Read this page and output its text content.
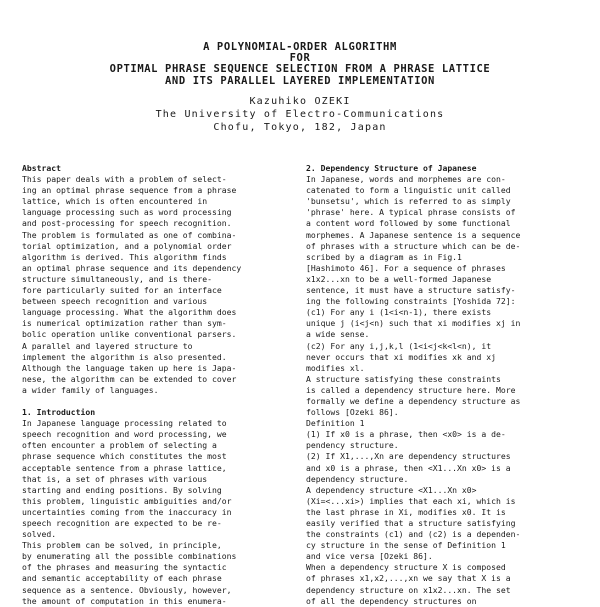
A POLYNOMIAL-ORDER ALGORITHM
FOR
OPTIMAL PHRASE SEQUENCE SELECTION FROM A PHRASE LATTICE
AND ITS PARALLEL LAYERED IMPLEMENTATION
Kazuhiko OZEKI
The University of Electro-Communications
Chofu, Tokyo, 182, Japan
Abstract
This paper deals with a problem of select-
ing an optimal phrase sequence from a phrase
lattice, which is often encountered in
language processing such as word processing
and post-processing for speech recognition.
The problem is formulated as one of combina-
torial optimization, and a polynomial order
algorithm is derived. This algorithm finds
an optimal phrase sequence and its dependency
structure simultaneously, and is there-
fore particularly suited for an interface
between speech recognition and various
language processing. What the algorithm does
is numerical optimization rather than sym-
bolic operation unlike conventional parsers.
A parallel and layered structure to
implement the algorithm is also presented.
Although the language taken up here is Japa-
nese, the algorithm can be extended to cover
a wider family of languages.
1. Introduction
In Japanese language processing related to
speech recognition and word processing, we
often encounter a problem of selecting a
phrase sequence which constitutes the most
acceptable sentence from a phrase lattice,
that is, a set of phrases with various
starting and ending positions. By solving
this problem, linguistic ambiguities and/or
uncertainties coming from the inaccuracy in
speech recognition are expected to be re-
solved.
This problem can be solved, in principle,
by enumerating all the possible combinations
of the phrases and measuring the syntactic
and semantic acceptability of each phrase
sequence as a sentence. Obviously, however,
the amount of computation in this enumera-
2. Dependency Structure of Japanese
In Japanese, words and morphemes are con-
catenated to form a linguistic unit called
'bunsetsu', which is referred to as simply
'phrase' here. A typical phrase consists of
a content word followed by some functional
morphemes. A Japanese sentence is a sequence
of phrases with a structure which can be de-
scribed by a diagram as in Fig.1
[Hashimoto 46]. For a sequence of phrases
x1x2...xn to be a well-formed Japanese
sentence, it must have a structure satisfy-
ing the following constraints [Yoshida 72]:
(c1) For any i (1<i<n-1), there exists
unique j (i<j<n) such that xi modifies xj in
a wide sense.
(c2) For any i,j,k,l (1<i<j<k<l<n), it
never occurs that xi modifies xk and xj
modifies xl.
A structure satisfying these constraints
is called a dependency structure here. More
formally we define a dependency structure as
follows [Ozeki 86].
Definition 1
(1) If x0 is a phrase, then <x0> is a de-
pendency structure.
(2) If X1,...,Xn are dependency structures
and x0 is a phrase, then <X1...Xn x0> is a
dependency structure.
A dependency structure <X1...Xn x0>
(Xi=<...xi>) implies that each xi, which is
the last phrase in Xi, modifies x0. It is
easily verified that a structure satisfying
the constraints (c1) and (c2) is a dependen-
cy structure in the sense of Definition 1
and vice versa [Ozeki 86].
When a dependency structure X is composed
of phrases x1,x2,...,xn we say that X is a
dependency structure on x1x2...xn. The set
of all the dependency structures on
